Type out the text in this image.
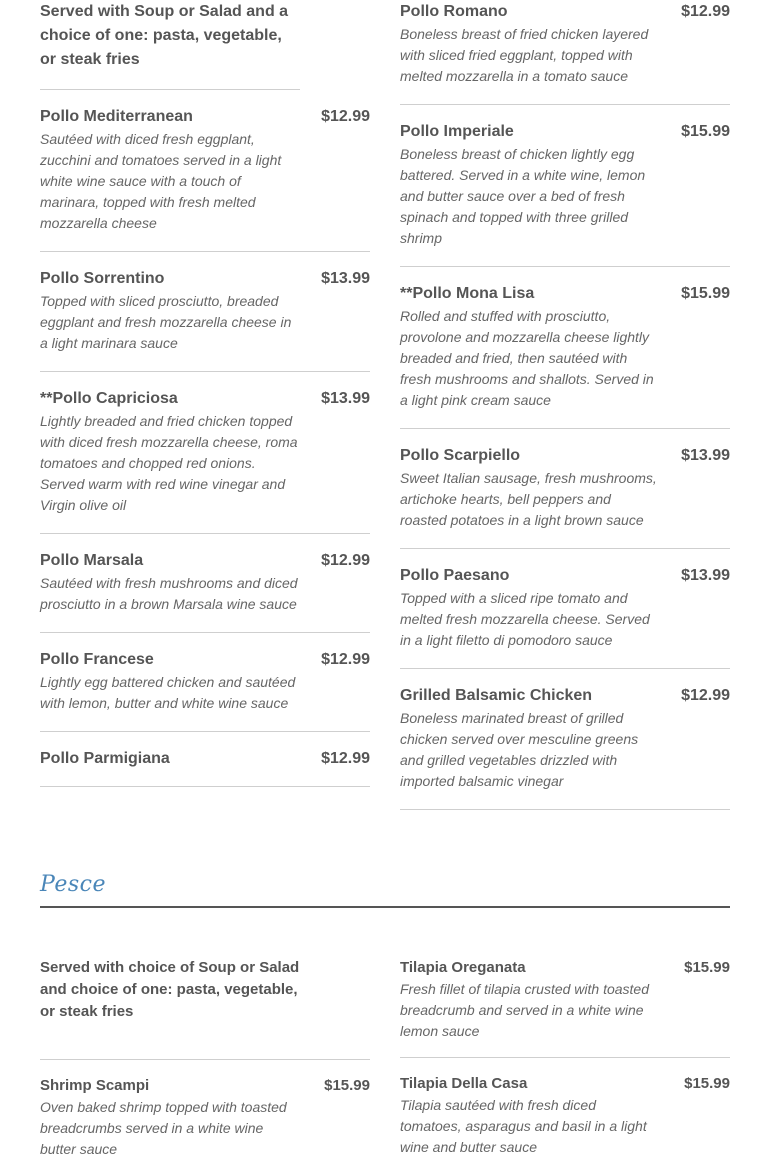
Served with Soup or Salad and a choice of one: pasta, vegetable, or steak fries
Pollo Mediterranean	$12.99
Sautéed with diced fresh eggplant, zucchini and tomatoes served in a light white wine sauce with a touch of marinara, topped with fresh melted mozzarella cheese
Pollo Sorrentino	$13.99
Topped with sliced prosciutto, breaded eggplant and fresh mozzarella cheese in a light marinara sauce
**Pollo Capriciosa	$13.99
Lightly breaded and fried chicken topped with diced fresh mozzarella cheese, roma tomatoes and chopped red onions. Served warm with red wine vinegar and Virgin olive oil
Pollo Marsala	$12.99
Sautéed with fresh mushrooms and diced prosciutto in a brown Marsala wine sauce
Pollo Francese	$12.99
Lightly egg battered chicken and sautéed with lemon, butter and white wine sauce
Pollo Parmigiana	$12.99
Pollo Romano	$12.99
Boneless breast of fried chicken layered with sliced fried eggplant, topped with melted mozzarella in a tomato sauce
Pollo Imperiale	$15.99
Boneless breast of chicken lightly egg battered. Served in a white wine, lemon and butter sauce over a bed of fresh spinach and topped with three grilled shrimp
**Pollo Mona Lisa	$15.99
Rolled and stuffed with prosciutto, provolone and mozzarella cheese lightly breaded and fried, then sautéed with fresh mushrooms and shallots. Served in a light pink cream sauce
Pollo Scarpiello	$13.99
Sweet Italian sausage, fresh mushrooms, artichoke hearts, bell peppers and roasted potatoes in a light brown sauce
Pollo Paesano	$13.99
Topped with a sliced ripe tomato and melted fresh mozzarella cheese. Served in a light filetto di pomodoro sauce
Grilled Balsamic Chicken	$12.99
Boneless marinated breast of grilled chicken served over mesculine greens and grilled vegetables drizzled with imported balsamic vinegar
Pesce
Served with choice of Soup or Salad and choice of one: pasta, vegetable, or steak fries
Tilapia Oreganata	$15.99
Fresh fillet of tilapia crusted with toasted breadcrumb and served in a white wine lemon sauce
Shrimp Scampi	$15.99
Oven baked shrimp topped with toasted breadcrumbs served in a white wine butter sauce
Tilapia Della Casa	$15.99
Tilapia sautéed with fresh diced tomatoes, asparagus and basil in a light wine and butter sauce
